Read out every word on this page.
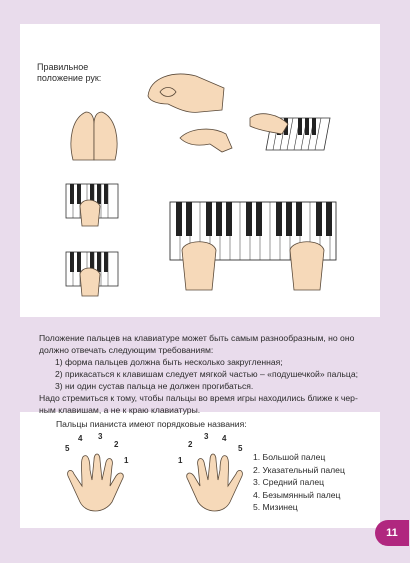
Правильное
положение рук:
Положение пальцев на клавиатуре может быть самым разнообразным, но оно
должно отвечать следующим требованиям:
1) форма пальцев должна быть несколько закругленная;
2) прикасаться к клавишам следует мягкой частью – «подушечкой» пальца;
3) ни один сустав пальца не должен прогибаться.
Надо стремиться к тому, чтобы пальцы во время игры находились ближе к чер-
ным клавишам, а не к краю клавиатуры.
Пальцы пианиста имеют порядковые названия:
5
4 3
2
1	1
2
3 4
5
1. Большой палец
2. Указательный палец
3. Средний палец
4. Безымянный палец
5. Мизинец
11
